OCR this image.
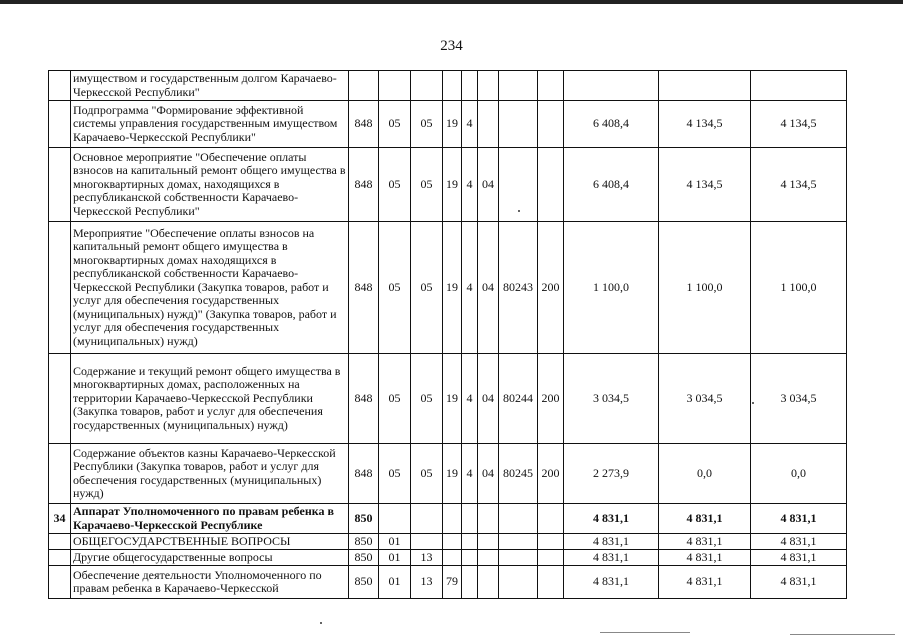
234
	имуществом и государственным долгом Карачаево-Черкесской Республики"											
	Подпрограмма "Формирование эффективной системы управления государственным имуществом Карачаево-Черкесской Республики"	848	05	05	19	4				6 408,4	4 134,5	4 134,5
	Основное мероприятие "Обеспечение оплаты взносов на капитальный ремонт общего имущества в многоквартирных домах, находящихся в республиканской собственности Карачаево-Черкесской Республики"	848	05	05	19	4	04			6 408,4	4 134,5	4 134,5
	Мероприятие "Обеспечение оплаты взносов на капитальный ремонт общего имущества в многоквартирных домах находящихся в республиканской собственности Карачаево-Черкесской Республики (Закупка товаров, работ и услуг для обеспечения государственных (муниципальных) нужд)" (Закупка товаров, работ и услуг для обеспечения государственных (муниципальных) нужд)	848	05	05	19	4	04	80243	200	1 100,0	1 100,0	1 100,0
	Содержание и текущий ремонт общего имущества в многоквартирных домах, расположенных на территории Карачаево-Черкесской Республики (Закупка товаров, работ и услуг для обеспечения государственных (муниципальных) нужд)	848	05	05	19	4	04	80244	200	3 034,5	3 034,5	3 034,5
	Содержание объектов казны Карачаево-Черкесской Республики (Закупка товаров, работ и услуг для обеспечения государственных (муниципальных) нужд)	848	05	05	19	4	04	80245	200	2 273,9	0,0	0,0
34	Аппарат Уполномоченного по правам ребенка в Карачаево-Черкесской Республике	850								4 831,1	4 831,1	4 831,1
	ОБЩЕГОСУДАРСТВЕННЫЕ ВОПРОСЫ	850	01							4 831,1	4 831,1	4 831,1
	Другие общегосударственные вопросы	850	01	13						4 831,1	4 831,1	4 831,1
	Обеспечение деятельности Уполномоченного по правам ребенка в Карачаево-Черкесской	850	01	13	79					4 831,1	4 831,1	4 831,1
